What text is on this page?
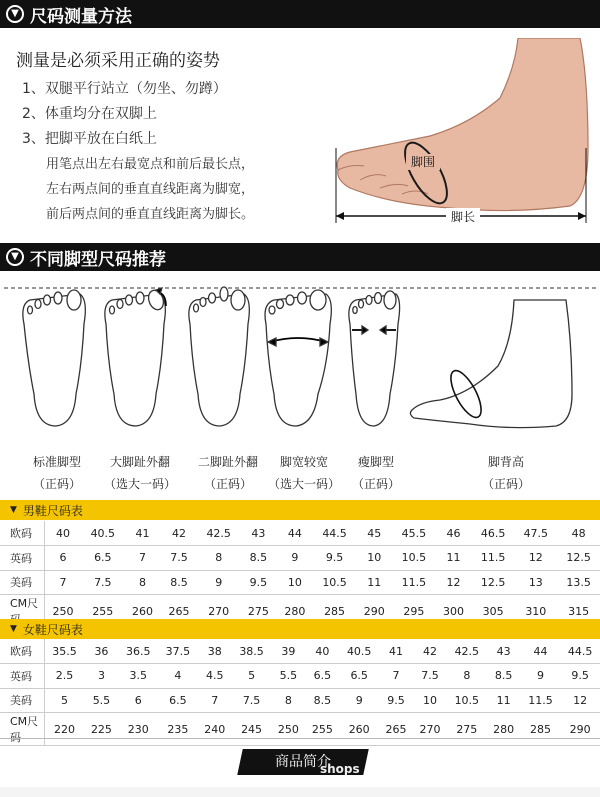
▼ 尺码测量方法
测量是必须采用正确的姿势
1、双腿平行站立（勿坐、勿蹲）
2、体重均分在双脚上
3、把脚平放在白纸上
用笔点出左右最宽点和前后最长点，
左右两点间的垂直直线距离为脚宽，
前后两点间的垂直直线距离为脚长。
脚围
脚长
▼ 不同脚型尺码推荐
标准脚型
（正码）
大脚趾外翻
（选大一码）
二脚趾外翻
（正码）
脚宽较宽
（选大一码）
瘦脚型
（正码）
脚背高
（正码）
▼ 男鞋尺码表
欧码	40	40.5	41	42	42.5	43	44	44.5	45	45.5	46	46.5	47.5	48
英码	6	6.5	7	7.5	8	8.5	9	9.5	10	10.5	11	11.5	12	12.5
美码	7	7.5	8	8.5	9	9.5	10	10.5	11	11.5	12	12.5	13	13.5
CM尺	250	255	260	265	270	275	280	285	290	295	300	305	310	315
▼ 女鞋尺码表
欧码	35.5	36	36.5	37.5	38	38.5	39	40	40.5	41	42	42.5	43	44	44.5
英码	2.5	3	3.5	4	4.5	5	5.5	6.5	6.5	7	7.5	8	8.5	9	9.5
美码	5	5.5	6	6.5	7	7.5	8	8.5	9	9.5	10	10.5	11	11.5	12
CM尺码	220	225	230	235	240	245	250	255	260	265	270	275	280	285	290
商品简介
shops
